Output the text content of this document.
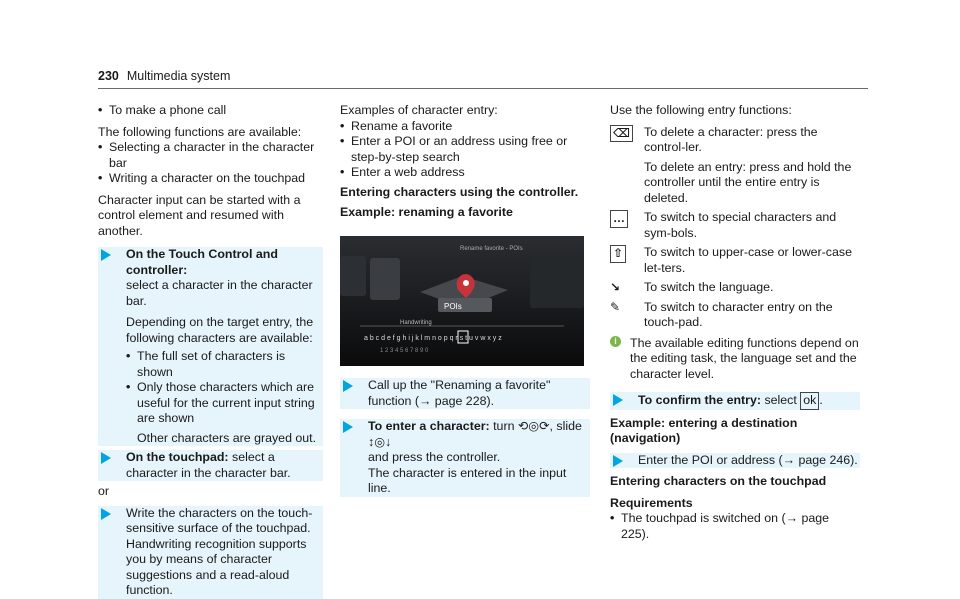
230 Multimedia system

• To make a phone call

The following functions are available:

• Selecting a character in the character bar

• Writing a character on the touchpad

Character input can be started with a control element and resumed with another.

On the Touch Control and controller:
select a character in the character bar.

Depending on the target entry, the following characters are available:

• The full set of characters is shown

• Only those characters which are useful for the current input string are shown

Other characters are grayed out.

On the touchpad: select a character in the character bar.

or

Write the characters on the touch-sensitive surface of the touchpad.

Handwriting recognition supports you by means of character suggestions and a read-aloud function.

Examples of character entry:

• Rename a favorite

• Enter a POI or an address using free or step-by-step search

• Enter a web address

Entering characters using the controller.

Example: renaming a favorite

POIs
Rename favorite - POIs
Handwriting
a b c d e f g h i j k l m n o p q r s t u v w x y z
1 2 3 4 5 6 7 8 9 0

Call up the "Renaming a favorite" function (→ page 228).

To enter a character: turn ⟲◎⟳, slide ↕◎↓

and press the controller.

The character is entered in the input line.

Use the following entry functions:

⌫ To delete a character: press the control-ler.

To delete an entry: press and hold the controller until the entire entry is deleted.

… To switch to special characters and sym-bols.

⇧ To switch to upper-case or lower-case let-ters.

↘ To switch the language.

✎ To switch to character entry on the touch-pad.

i	The available editing functions depend on the editing task, the language set and the character level.

To confirm the entry: select ok .

Example: entering a destination (navigation)

Enter the POI or address (→ page 246).

Entering characters on the touchpad

Requirements

• The touchpad is switched on (→ page 225).
